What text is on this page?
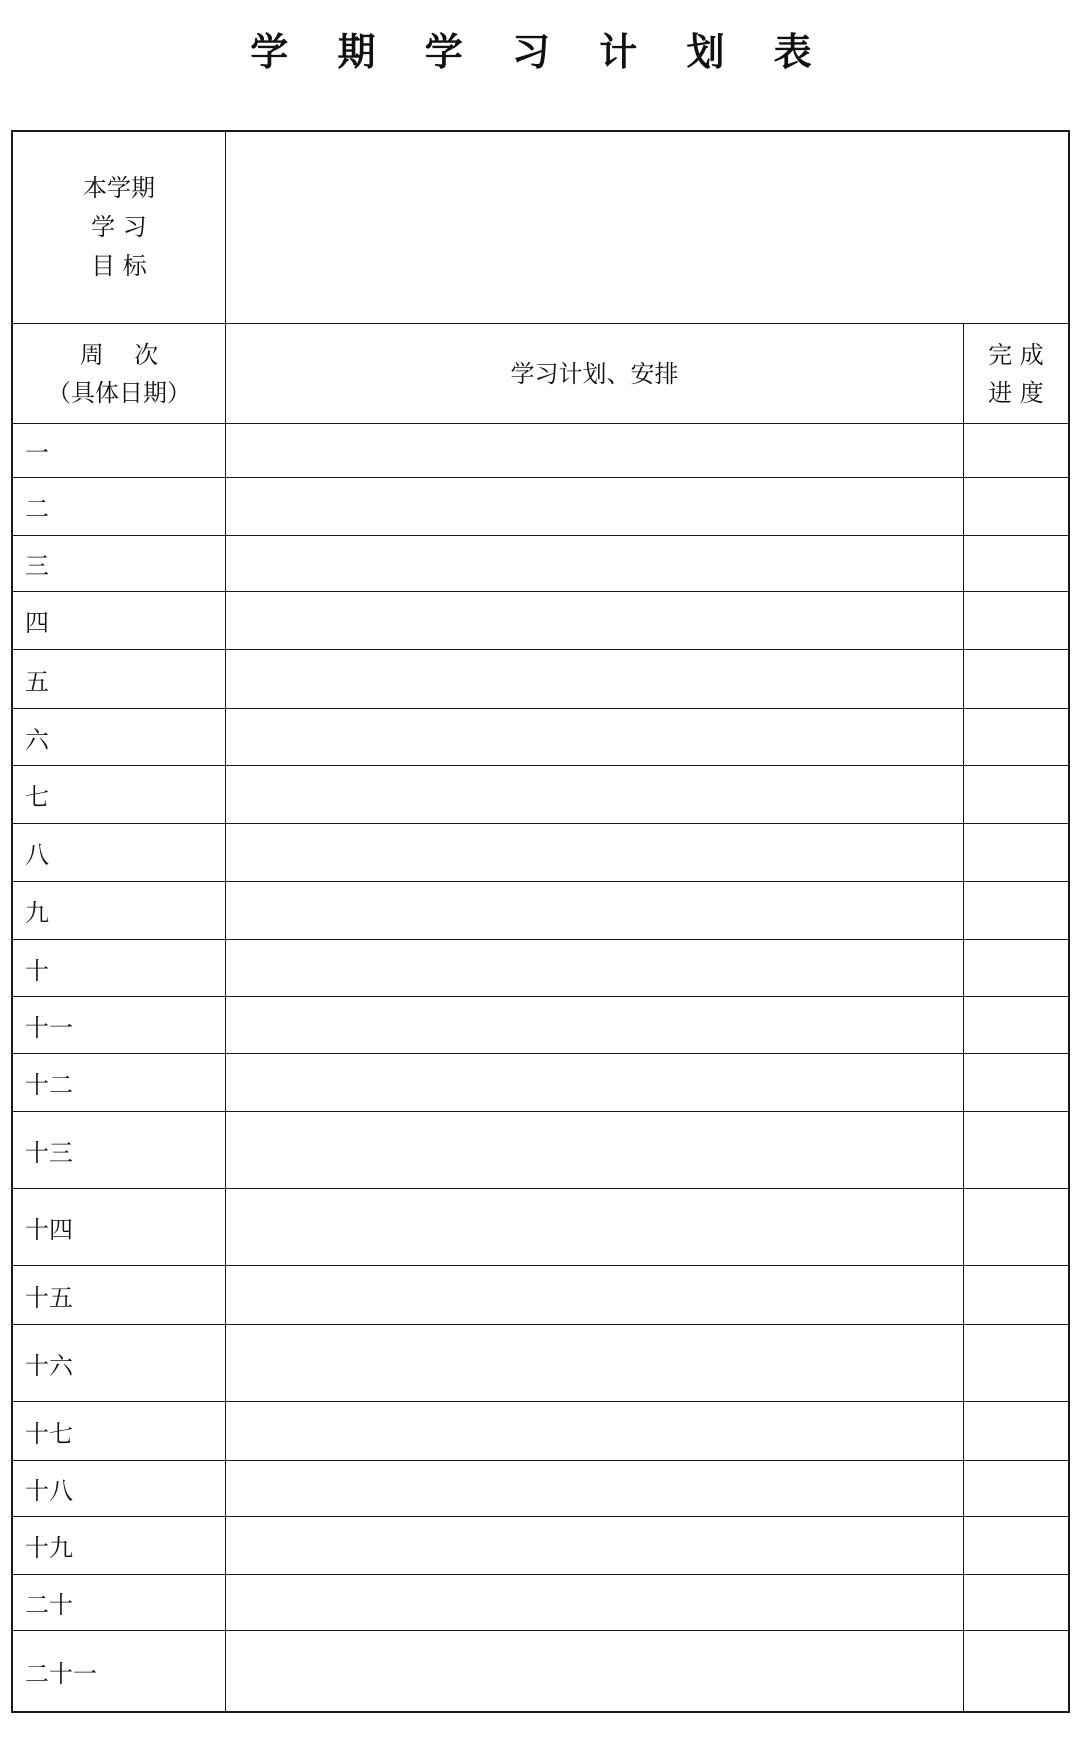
学 期 学 习 计 划 表
本学期
学 习
目 标
周    次
（具体日期）
学习计划、安排
完 成
进 度
一
二
三
四
五
六
七
八
九
十
十一
十二
十三
十四
十五
十六
十七
十八
十九
二十
二十一
